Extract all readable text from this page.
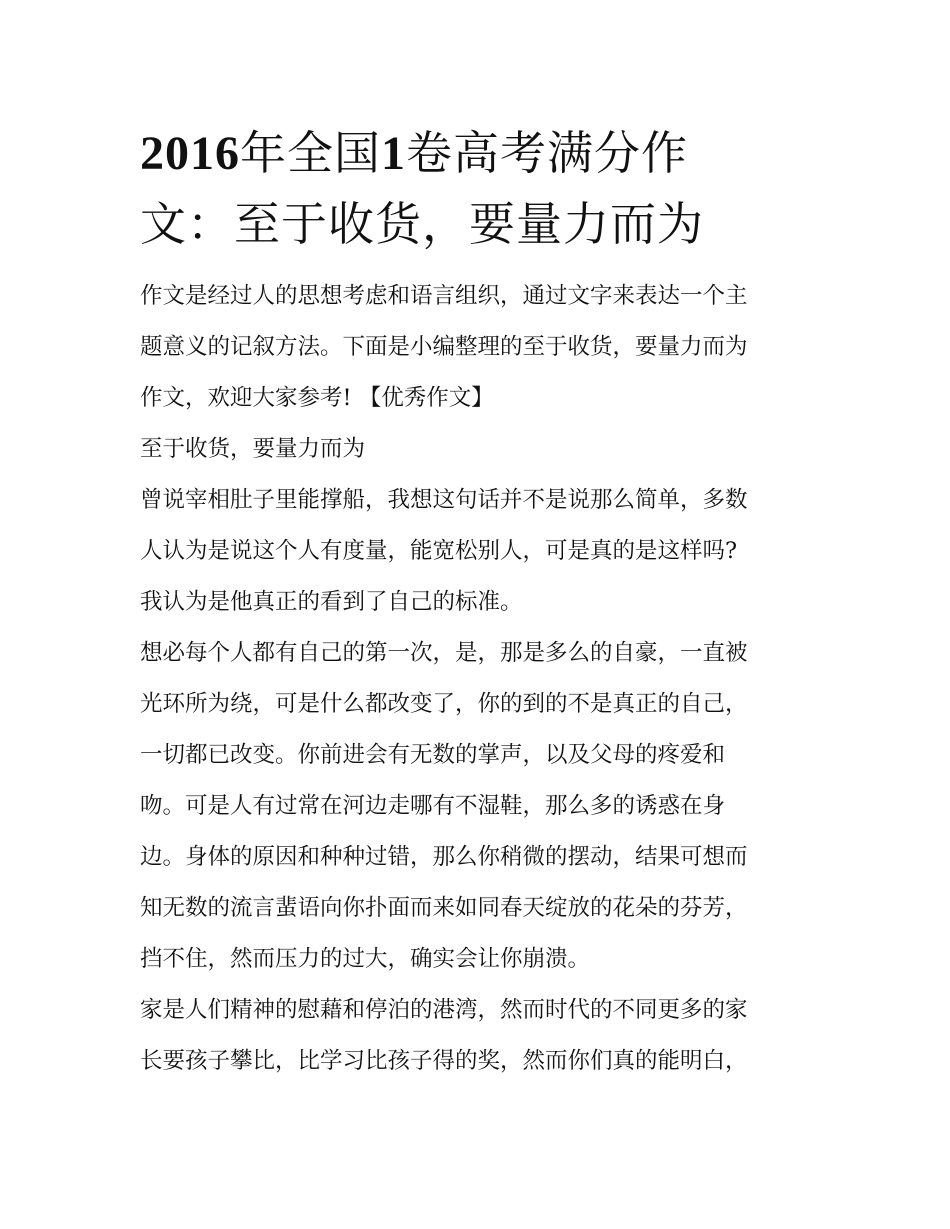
2016年全国1卷高考满分作
文：至于收货，要量力而为

作文是经过人的思想考虑和语言组织，通过文字来表达一个主
题意义的记叙方法。下面是小编整理的至于收货，要量力而为
作文，欢迎大家参考! 【优秀作文】

至于收货，要量力而为

曾说宰相肚子里能撑船，我想这句话并不是说那么简单，多数
人认为是说这个人有度量，能宽松别人，可是真的是这样吗?
我认为是他真正的看到了自己的标准。

想必每个人都有自己的第一次，是，那是多么的自豪，一直被
光环所为绕，可是什么都改变了，你的到的不是真正的自己，
一切都已改变。你前进会有无数的掌声，以及父母的疼爱和
吻。可是人有过常在河边走哪有不湿鞋，那么多的诱惑在身
边。身体的原因和种种过错，那么你稍微的摆动，结果可想而
知无数的流言蜚语向你扑面而来如同春天绽放的花朵的芬芳，
挡不住，然而压力的过大，确实会让你崩溃。

家是人们精神的慰藉和停泊的港湾，然而时代的不同更多的家
长要孩子攀比，比学习比孩子得的奖，然而你们真的能明白，
